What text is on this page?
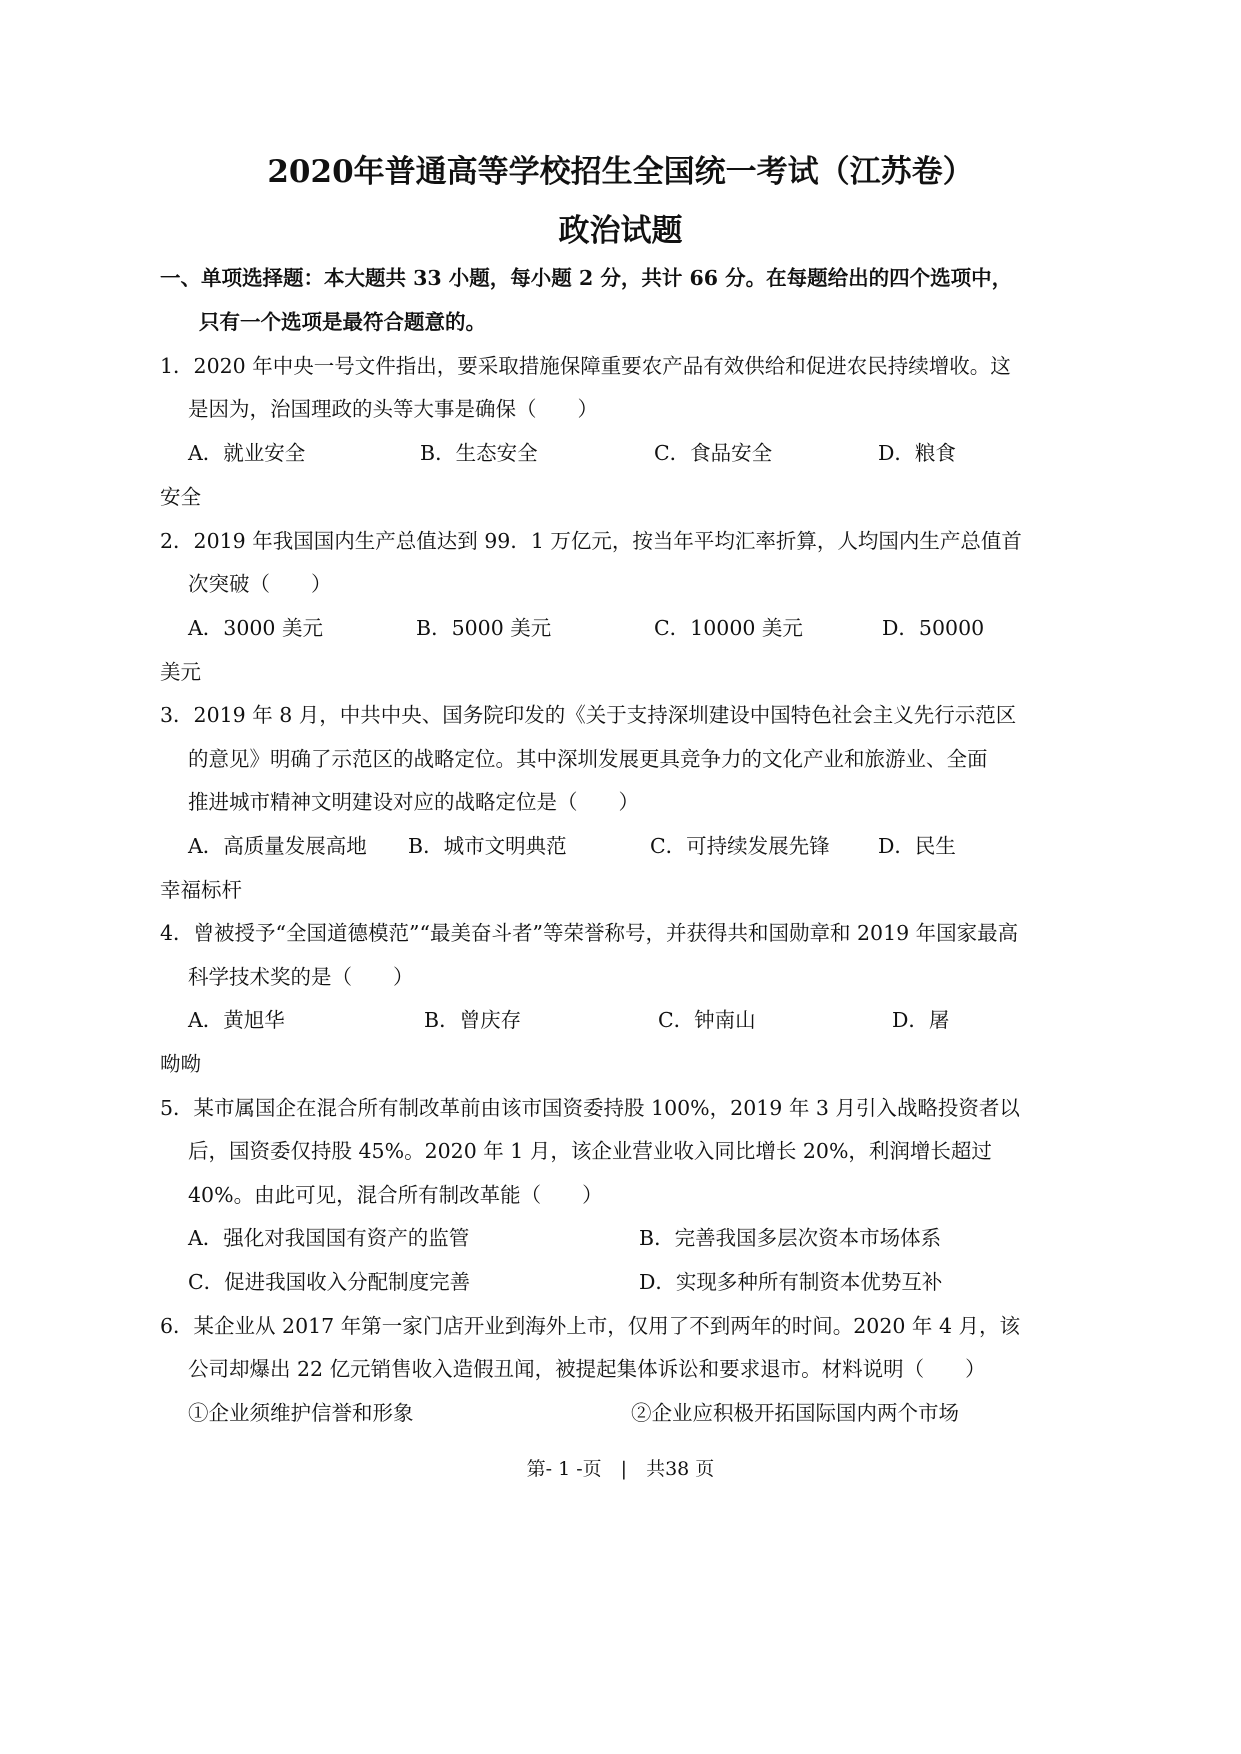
2020年普通高等学校招生全国统一考试（江苏卷）
政治试题
一、单项选择题：本大题共 33 小题，每小题 2 分，共计 66 分。在每题给出的四个选项中，
只有一个选项是最符合题意的。
1．2020 年中央一号文件指出，要采取措施保障重要农产品有效供给和促进农民持续增收。这
是因为，治国理政的头等大事是确保（　　）
A．就业安全	B．生态安全	C．食品安全	D．粮食
安全
2．2019 年我国国内生产总值达到 99．1 万亿元，按当年平均汇率折算，人均国内生产总值首
次突破（　　）
A．3000 美元	B．5000 美元	C．10000 美元	D．50000
美元
3．2019 年 8 月，中共中央、国务院印发的《关于支持深圳建设中国特色社会主义先行示范区
的意见》明确了示范区的战略定位。其中深圳发展更具竞争力的文化产业和旅游业、全面
推进城市精神文明建设对应的战略定位是（　　）
A．高质量发展高地 B．城市文明典范	C．可持续发展先锋 D．民生
幸福标杆
4．曾被授予“全国道德模范”“最美奋斗者”等荣誉称号，并获得共和国勋章和 2019 年国家最高
科学技术奖的是（　　）
A．黄旭华	B．曾庆存	C．钟南山	D．屠
呦呦
5．某市属国企在混合所有制改革前由该市国资委持股 100%，2019 年 3 月引入战略投资者以
后，国资委仅持股 45%。2020 年 1 月，该企业营业收入同比增长 20%，利润增长超过
40%。由此可见，混合所有制改革能（　　）
A．强化对我国国有资产的监管	B．完善我国多层次资本市场体系
C．促进我国收入分配制度完善	D．实现多种所有制资本优势互补
6．某企业从 2017 年第一家门店开业到海外上市，仅用了不到两年的时间。2020 年 4 月，该
公司却爆出 22 亿元销售收入造假丑闻，被提起集体诉讼和要求退市。材料说明（　　）
①企业须维护信誉和形象	②企业应积极开拓国际国内两个市场
第- 1 -页　|　共38 页
